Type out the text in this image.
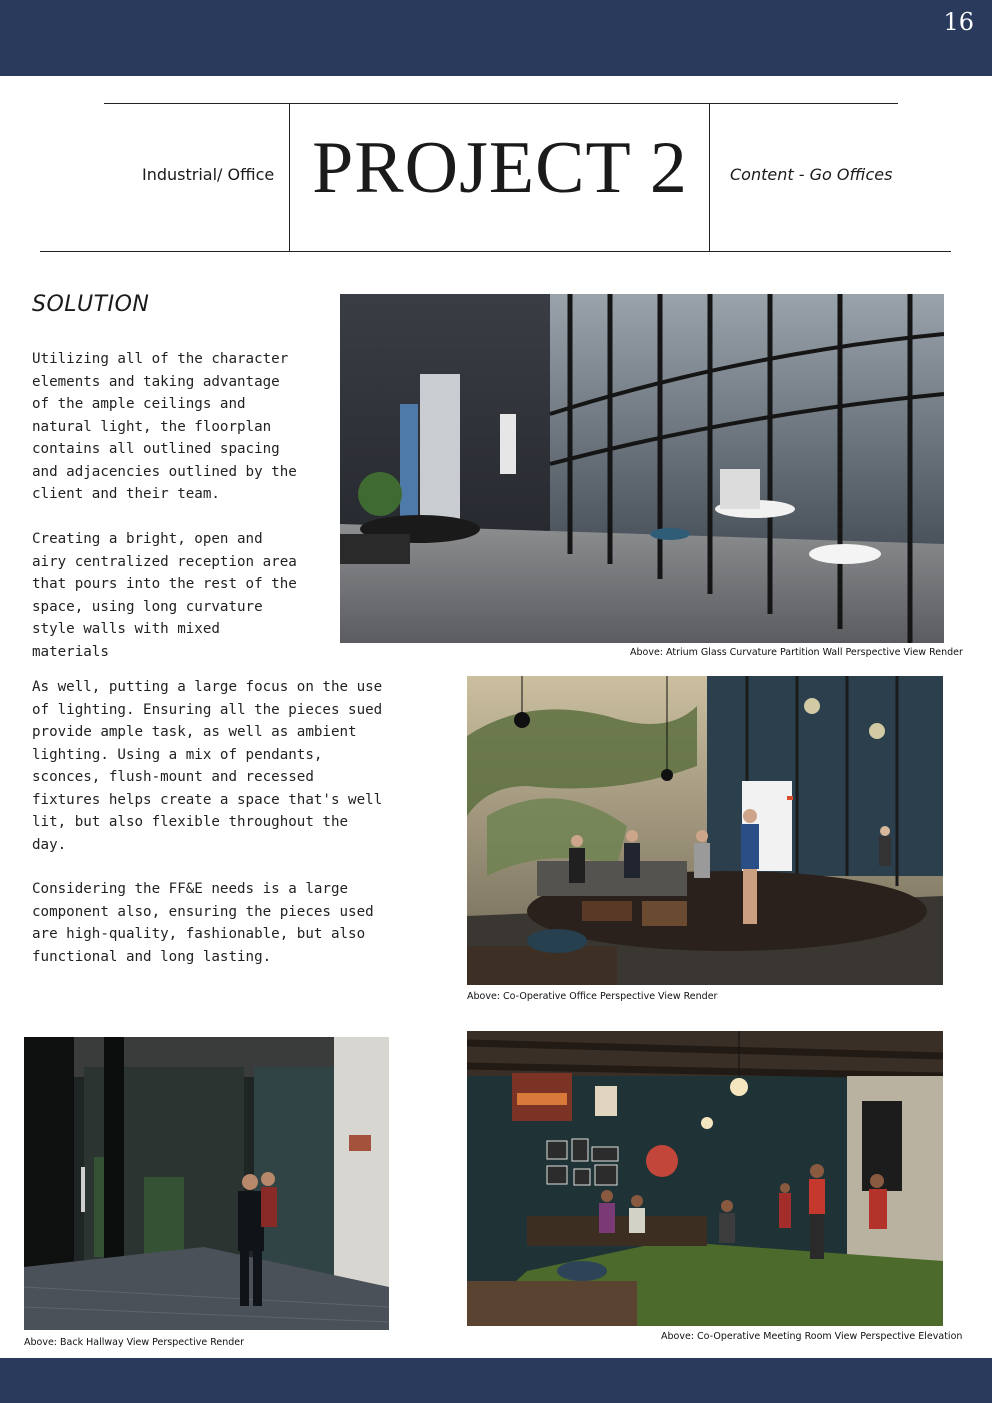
16
Industrial/ Office PROJECT 2	Content - Go Offices
SOLUTION
Utilizing all of the character
elements and taking advantage
of the ample ceilings and
natural light, the floorplan
contains all outlined spacing
and adjacencies outlined by the
client and their team.
Creating a bright, open and
airy centralized reception area
that pours into the rest of the
space, using long curvature
style walls with mixed
materials
As well, putting a large focus on the use
of lighting. Ensuring all the pieces sued
provide ample task, as well as ambient
lighting. Using a mix of pendants,
sconces, flush-mount and recessed
fixtures helps create a space that's well
lit, but also flexible throughout the
day.
Considering the FF&E needs is a large
component also, ensuring the pieces used
are high-quality, fashionable, but also
functional and long lasting.
Above: Atrium Glass Curvature Partition Wall Perspective View Render
Above: Co-Operative Office Perspective View Render
Above: Back Hallway View Perspective Render
Above: Co-Operative Meeting Room View Perspective Elevation
